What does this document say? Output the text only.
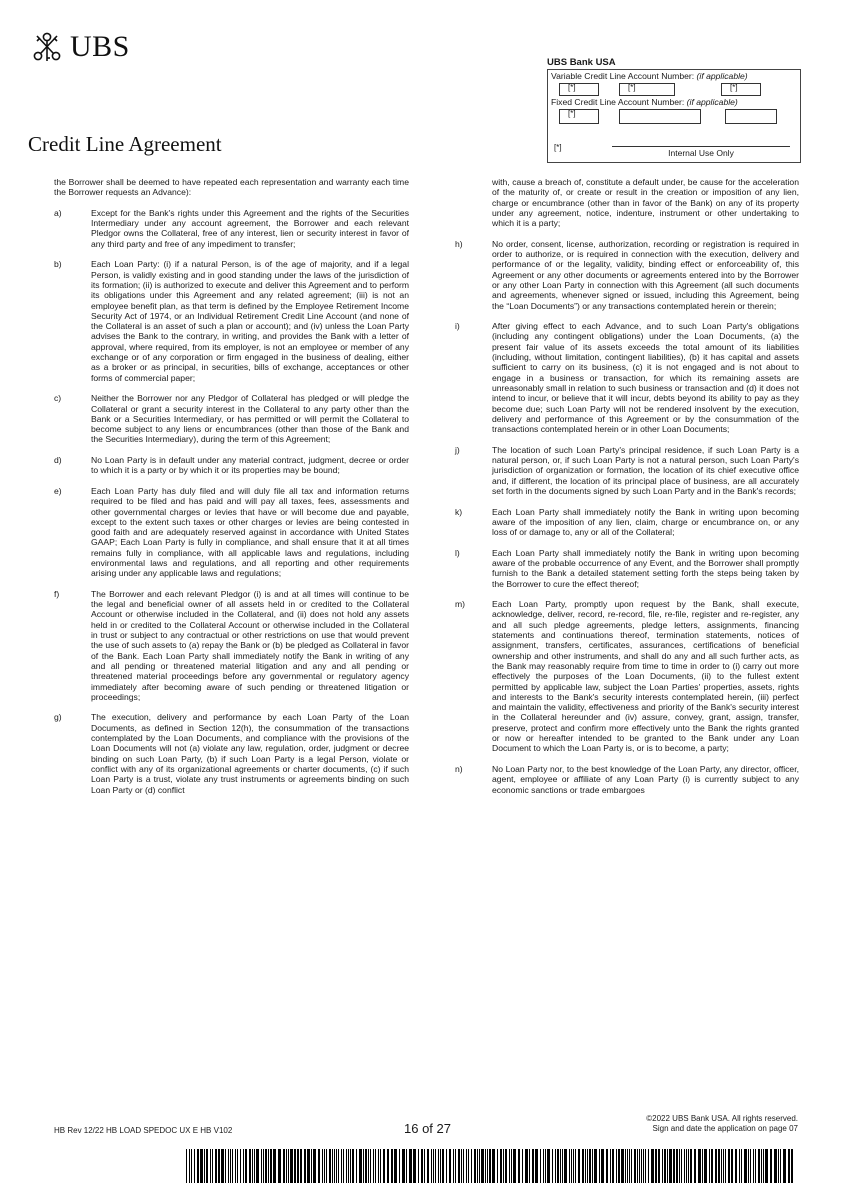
UBS
Credit Line Agreement
UBS Bank USA
Variable Credit Line Account Number: (if applicable)
[*]	[*]	[*]
Fixed Credit Line Account Number: (if applicable)
[*]
[*]
Internal Use Only
the Borrower shall be deemed to have repeated each representation and warranty each time the Borrower requests an Advance):
a)	Except for the Bank's rights under this Agreement and the rights of the Securities Intermediary under any account agreement, the Borrower and each relevant Pledgor owns the Collateral, free of any interest, lien or security interest in favor of any third party and free of any impediment to transfer;
b)	Each Loan Party: (i) if a natural Person, is of the age of majority, and if a legal Person, is validly existing and in good standing under the laws of the jurisdiction of its formation; (ii) is authorized to execute and deliver this Agreement and to perform its obligations under this Agreement and any related agreement; (iii) is not an employee benefit plan, as that term is defined by the Employee Retirement Income Security Act of 1974, or an Individual Retirement Credit Line Account (and none of the Collateral is an asset of such a plan or account); and (iv) unless the Loan Party advises the Bank to the contrary, in writing, and provides the Bank with a letter of approval, where required, from its employer, is not an employee or member of any exchange or of any corporation or firm engaged in the business of dealing, either as a broker or as principal, in securities, bills of exchange, acceptances or other forms of commercial paper;
c)	Neither the Borrower nor any Pledgor of Collateral has pledged or will pledge the Collateral or grant a security interest in the Collateral to any party other than the Bank or a Securities Intermediary, or has permitted or will permit the Collateral to become subject to any liens or encumbrances (other than those of the Bank and the Securities Intermediary), during the term of this Agreement;
d)	No Loan Party is in default under any material contract, judgment, decree or order to which it is a party or by which it or its properties may be bound;
e)	Each Loan Party has duly filed and will duly file all tax and information returns required to be filed and has paid and will pay all taxes, fees, assessments and other governmental charges or levies that have or will become due and payable, except to the extent such taxes or other charges or levies are being contested in good faith and are adequately reserved against in accordance with United States GAAP; Each Loan Party is fully in compliance, and shall ensure that it at all times remains fully in compliance, with all applicable laws and regulations, including environmental laws and regulations, and all reporting and other requirements arising under any applicable laws and regulations;
f)	The Borrower and each relevant Pledgor (i) is and at all times will continue to be the legal and beneficial owner of all assets held in or credited to the Collateral Account or otherwise included in the Collateral, and (ii) does not hold any assets held in or credited to the Collateral Account or otherwise included in the Collateral in trust or subject to any contractual or other restrictions on use that would prevent the use of such assets to (a) repay the Bank or (b) be pledged as Collateral in favor of the Bank. Each Loan Party shall immediately notify the Bank in writing of any and all pending or threatened material litigation and any and all pending or threatened material proceedings before any governmental or regulatory agency immediately after becoming aware of such pending or threatened litigation or proceedings;
g)	The execution, delivery and performance by each Loan Party of the Loan Documents, as defined in Section 12(h), the consummation of the transactions contemplated by the Loan Documents, and compliance with the provisions of the Loan Documents will not (a) violate any law, regulation, order, judgment or decree binding on such Loan Party, (b) if such Loan Party is a legal Person, violate or conflict with any of its organizational agreements or charter documents, (c) if such Loan Party is a trust, violate any trust instruments or agreements binding on such Loan Party or (d) conflict
with, cause a breach of, constitute a default under, be cause for the acceleration of the maturity of, or create or result in the creation or imposition of any lien, charge or encumbrance (other than in favor of the Bank) on any of its property under any agreement, notice, indenture, instrument or other undertaking to which it is a party;
h)	No order, consent, license, authorization, recording or registration is required in order to authorize, or is required in connection with the execution, delivery and performance of or the legality, validity, binding effect or enforceability of, this Agreement or any other documents or agreements entered into by the Borrower or any other Loan Party in connection with this Agreement (all such documents and agreements, whenever signed or issued, including this Agreement, being the “Loan Documents”) or any transactions contemplated herein or therein;
i)	After giving effect to each Advance, and to such Loan Party's obligations (including any contingent obligations) under the Loan Documents, (a) the present fair value of its assets exceeds the total amount of its liabilities (including, without limitation, contingent liabilities), (b) it has capital and assets sufficient to carry on its business, (c) it is not engaged and is not about to engage in a business or transaction, for which its remaining assets are unreasonably small in relation to such business or transaction and (d) it does not intend to incur, or believe that it will incur, debts beyond its ability to pay as they become due; such Loan Party will not be rendered insolvent by the execution, delivery and performance of this Agreement or by the consummation of the transactions contemplated herein or in other Loan Documents;
j)	The location of such Loan Party's principal residence, if such Loan Party is a natural person, or, if such Loan Party is not a natural person, such Loan Party's jurisdiction of organization or formation, the location of its chief executive office and, if different, the location of its principal place of business, are all accurately set forth in the documents signed by such Loan Party and in the Bank's records;
k)	Each Loan Party shall immediately notify the Bank in writing upon becoming aware of the imposition of any lien, claim, charge or encumbrance on, or any loss of or damage to, any or all of the Collateral;
l)	Each Loan Party shall immediately notify the Bank in writing upon becoming aware of the probable occurrence of any Event, and the Borrower shall promptly furnish to the Bank a detailed statement setting forth the steps being taken by the Borrower to cure the effect thereof;
m)	Each Loan Party, promptly upon request by the Bank, shall execute, acknowledge, deliver, record, re-record, file, re-file, register and re-register, any and all such pledge agreements, pledge letters, assignments, financing statements and continuations thereof, termination statements, notices of assignment, transfers, certificates, assurances, certifications of beneficial ownership and other instruments, and shall do any and all such further acts, as the Bank may reasonably require from time to time in order to (i) carry out more effectively the purposes of the Loan Documents, (ii) to the fullest extent permitted by applicable law, subject the Loan Parties' properties, assets, rights and interests to the Bank's security interests contemplated herein, (iii) perfect and maintain the validity, effectiveness and priority of the Bank's security interest in the Collateral hereunder and (iv) assure, convey, grant, assign, transfer, preserve, protect and confirm more effectively unto the Bank the rights granted or now or hereafter intended to be granted to the Bank under any Loan Document to which the Loan Party is, or is to become, a party;
n)	No Loan Party nor, to the best knowledge of the Loan Party, any director, officer, agent, employee or affiliate of any Loan Party (i) is currently subject to any economic sanctions or trade embargoes
HB Rev 12/22 HB LOAD SPEDOC UX E HB V102	16 of 27
©2022 UBS Bank USA. All rights reserved.
Sign and date the application on page 07
